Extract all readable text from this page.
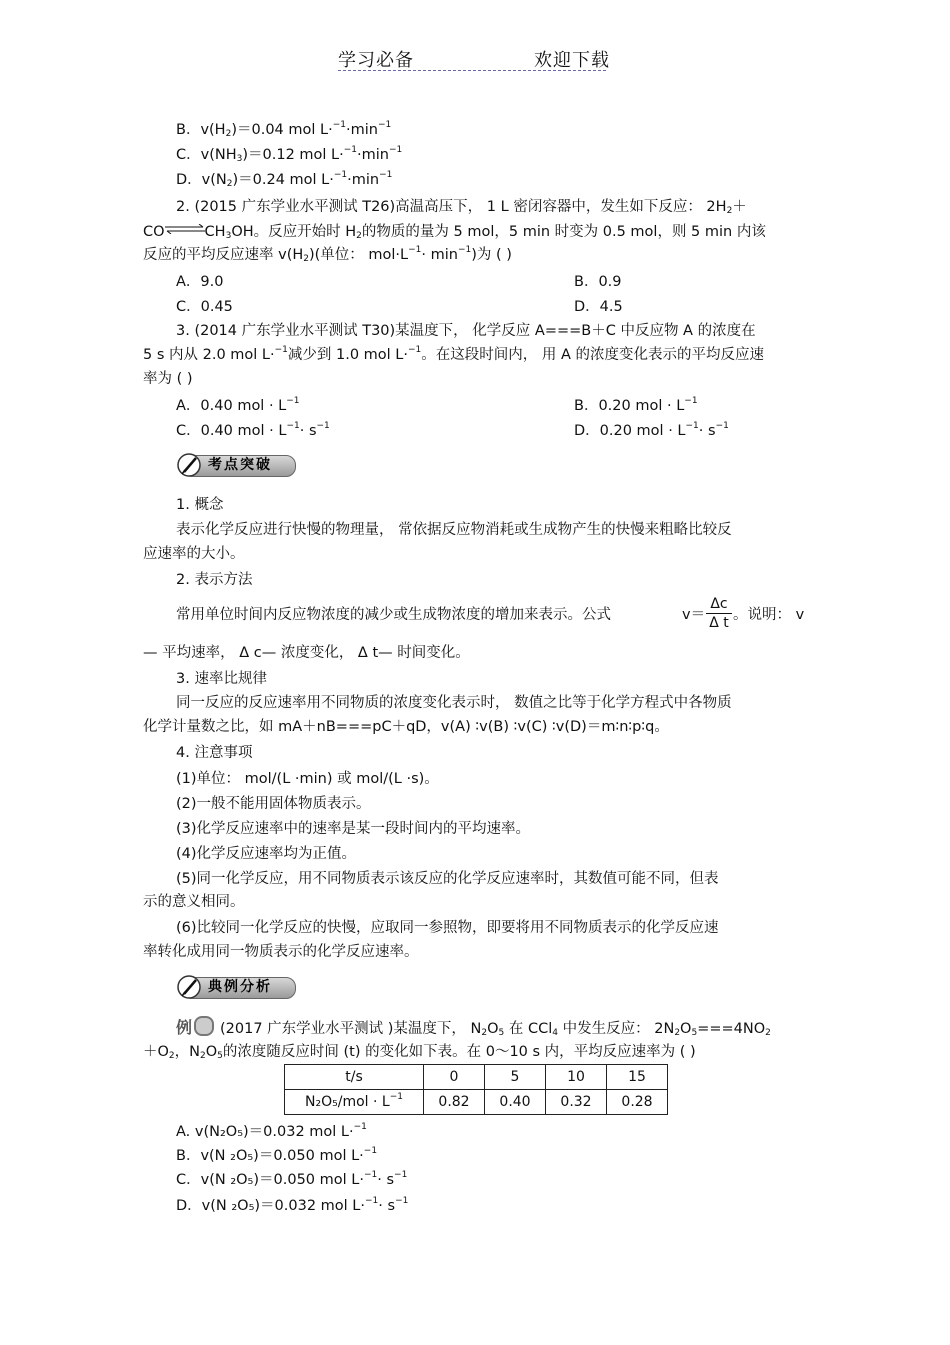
学习必备	欢迎下载
B．$v(H_2)=0.04$ mol $L\cdot^{-1}\cdot\min^{-1}$
C．$v(NH_3)=0.12$ mol $L\cdot^{-1}\cdot\min^{-1}$
D．$v(N_2)=0.24$ mol $L\cdot^{-1}\cdot\min^{-1}$
2. (2015 广东学业水平测试 T26)高温高压下， 1 L 密闭容器中，发生如下反应： $2H_2+$
$CO\rightleftharpoons CH_3OH$。反应开始时 $H_2$的物质的量为 5 mol，5 min 时变为 0.5 mol，则 5 min 内该
反应的平均反应速率 $v(H_2)$(单位： $mol\cdot L^{-1}\cdot \min^{-1}$)为 ( )
A．9.0	B．0.9
C．0.45	D．4.5
3. (2014 广东学业水平测试 T30)某温度下， 化学反应 A===B＋C 中反应物 A 的浓度在
5 s 内从 2.0 mol L·$^{-1}$减少到 1.0 mol L·$^{-1}$。在这段时间内， 用 A 的浓度变化表示的平均反应速
率为 ( )
A．0.40 mol · $L^{-1}$	B．0.20 mol · $L^{-1}$
C．0.40 mol · $L^{-1}\cdot s^{-1}$	D．0.20 mol · $L^{-1}\cdot s^{-1}$
考点突破
1. 概念
表示化学反应进行快慢的物理量， 常依据反应物消耗或生成物产生的快慢来粗略比较反
应速率的大小。
2. 表示方法
常用单位时间内反应物浓度的减少或生成物浓度的增加来表示。公式	v＝
Δc
Δ t 。说明： v
— 平均速率， Δ c— 浓度变化， Δ t— 时间变化。
3. 速率比规律
同一反应的反应速率用不同物质的浓度变化表示时， 数值之比等于化学方程式中各物质
化学计量数之比，如 mA＋nB===pC＋qD，v(A) ∶v(B) ∶v(C) ∶v(D)＝m∶n∶p∶q。
4. 注意事项
(1)单位： mol/(L ·min) 或 mol/(L ·s)。
(2)一般不能用固体物质表示。
(3)化学反应速率中的速率是某一段时间内的平均速率。
(4)化学反应速率均为正值。
(5)同一化学反应，用不同物质表示该反应的化学反应速率时，其数值可能不同，但表
示的意义相同。
(6)比较同一化学反应的快慢，应取同一参照物，即要将用不同物质表示的化学反应速
率转化成用同一物质表示的化学反应速率。
典例分析
例	(2017 广东学业水平测试 )某温度下， $N_2O_5$ 在 CCl$_4$ 中发生反应： $2N_2O_5===4NO_2$
$+O_2$，$N_2O_5$的浓度随反应时间 (t) 的变化如下表。在 0～10 s 内，平均反应速率为 ( )
t/s	0	5	10	15
$N_2O_5/mol \cdot L^{-1}$	0.82	0.40	0.32	0.28
A. v(N₂O₅)＝0.032 mol L·$^{-1}$
B．v(N ₂O₅)＝0.050 mol L·$^{-1}$
C．v(N ₂O₅)＝0.050 mol $L\cdot^{-1}\cdot s^{-1}$
D．v(N ₂O₅)＝0.032 mol $L\cdot^{-1}\cdot s^{-1}$
